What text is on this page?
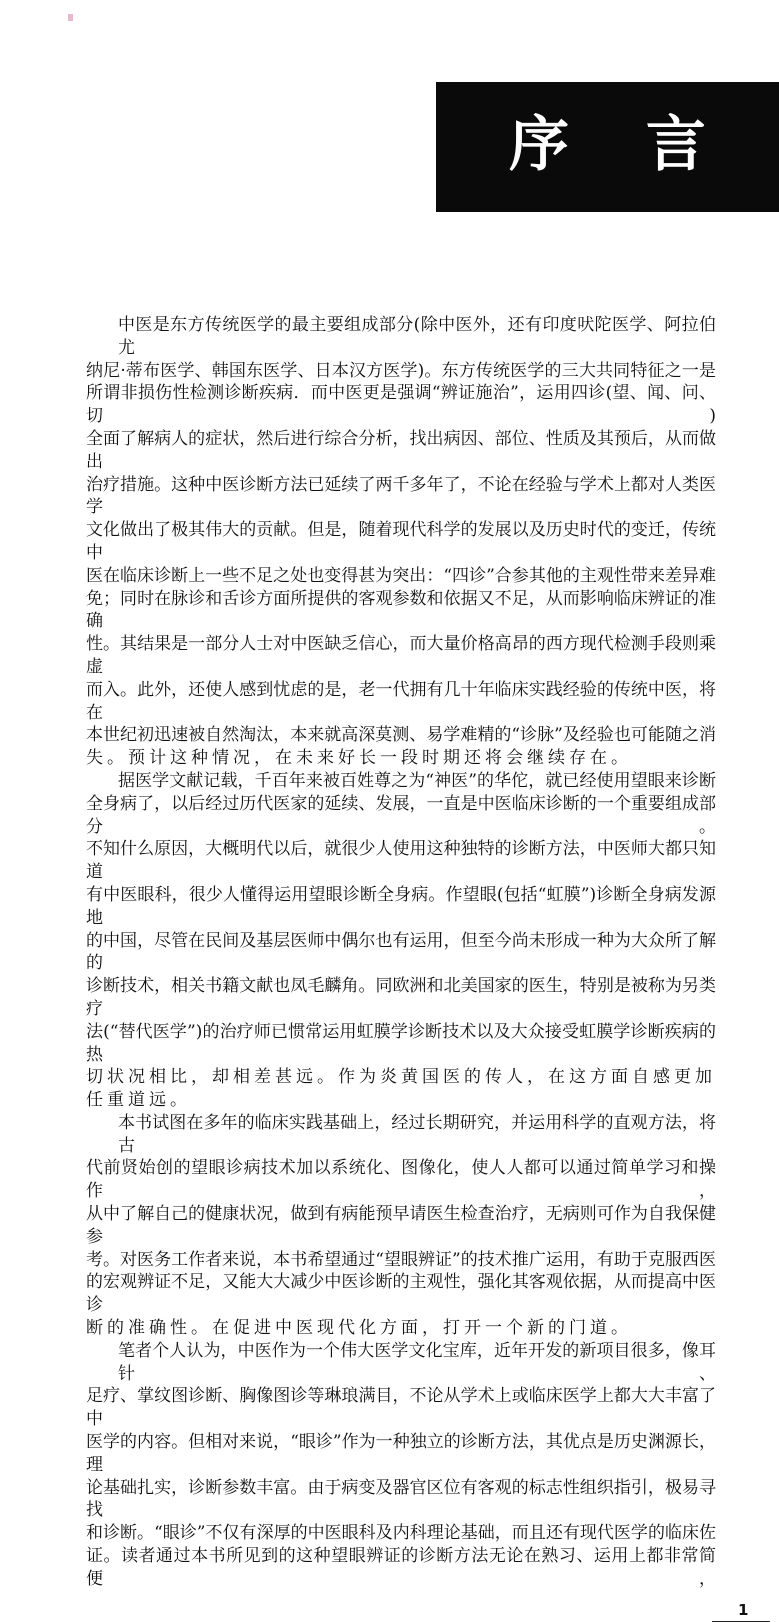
序 言
中医是东方传统医学的最主要组成部分(除中医外，还有印度吠陀医学、阿拉伯尤
纳尼·蒂布医学、韩国东医学、日本汉方医学)。东方传统医学的三大共同特征之一是
所谓非损伤性检测诊断疾病．而中医更是强调“辨证施治”，运用四诊(望、闻、问、切)
全面了解病人的症状，然后进行综合分析，找出病因、部位、性质及其预后，从而做出
治疗措施。这种中医诊断方法已延续了两千多年了，不论在经验与学术上都对人类医学
文化做出了极其伟大的贡献。但是，随着现代科学的发展以及历史时代的变迁，传统中
医在临床诊断上一些不足之处也变得甚为突出：“四诊”合参其他的主观性带来差异难
免；同时在脉诊和舌诊方面所提供的客观参数和依据又不足，从而影响临床辨证的准确
性。其结果是一部分人士对中医缺乏信心，而大量价格高昂的西方现代检测手段则乘虚
而入。此外，还使人感到忧虑的是，老一代拥有几十年临床实践经验的传统中医，将在
本世纪初迅速被自然淘汰，本来就高深莫测、易学难精的“诊脉”及经验也可能随之消
失。预计这种情况，在未来好长一段时期还将会继续存在。
据医学文献记载，千百年来被百姓尊之为“神医”的华佗，就已经使用望眼来诊断
全身病了，以后经过历代医家的延续、发展，一直是中医临床诊断的一个重要组成部分。
不知什么原因，大概明代以后，就很少人使用这种独特的诊断方法，中医师大都只知道
有中医眼科，很少人懂得运用望眼诊断全身病。作望眼(包括“虹膜”)诊断全身病发源地
的中国，尽管在民间及基层医师中偶尔也有运用，但至今尚未形成一种为大众所了解的
诊断技术，相关书籍文献也凤毛麟角。同欧洲和北美国家的医生，特别是被称为另类疗
法(“替代医学”)的治疗师已惯常运用虹膜学诊断技术以及大众接受虹膜学诊断疾病的热
切状况相比，却相差甚远。作为炎黄国医的传人，在这方面自感更加任重道远。
本书试图在多年的临床实践基础上，经过长期研究，并运用科学的直观方法，将古
代前贤始创的望眼诊病技术加以系统化、图像化，使人人都可以通过简单学习和操作，
从中了解自己的健康状况，做到有病能预早请医生检查治疗，无病则可作为自我保健参
考。对医务工作者来说，本书希望通过“望眼辨证”的技术推广运用，有助于克服西医
的宏观辨证不足，又能大大减少中医诊断的主观性，强化其客观依据，从而提高中医诊
断的准确性。在促进中医现代化方面，打开一个新的门道。
笔者个人认为，中医作为一个伟大医学文化宝库，近年开发的新项目很多，像耳针、
足疗、掌纹图诊断、胸像图诊等琳琅满目，不论从学术上或临床医学上都大大丰富了中
医学的内容。但相对来说，“眼诊”作为一种独立的诊断方法，其优点是历史渊源长，理
论基础扎实，诊断参数丰富。由于病变及器官区位有客观的标志性组织指引，极易寻找
和诊断。“眼诊”不仅有深厚的中医眼科及内科理论基础，而且还有现代医学的临床佐
证。读者通过本书所见到的这种望眼辨证的诊断方法无论在熟习、运用上都非常简便，
1
